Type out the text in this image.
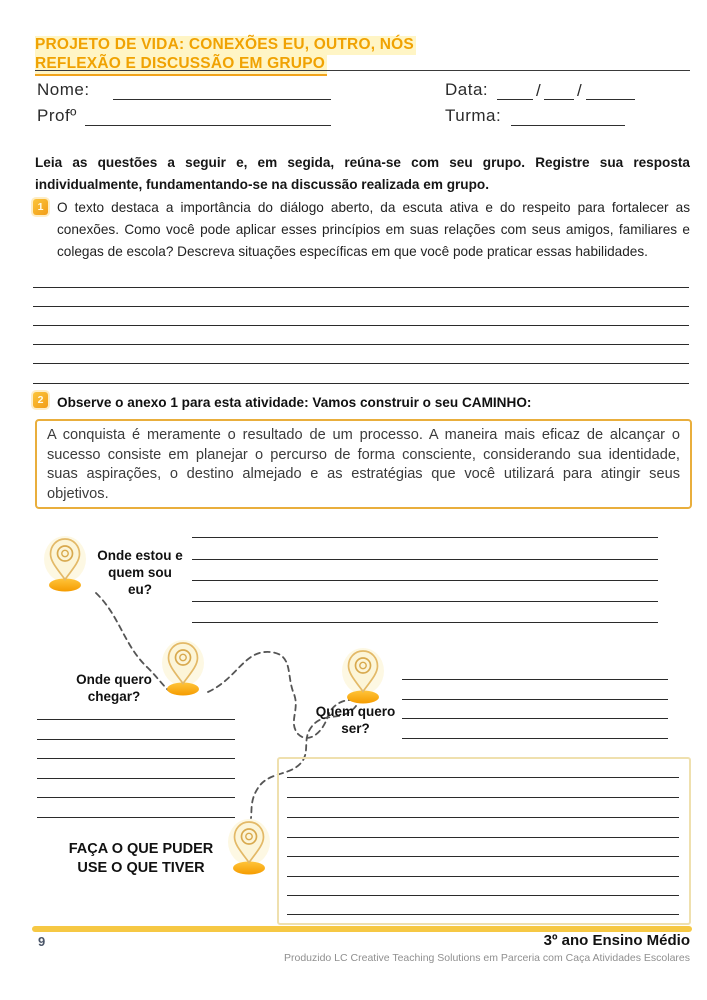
PROJETO DE VIDA: CONEXÕES EU, OUTRO, NÓS
REFLEXÃO E DISCUSSÃO EM GRUPO
Nome:
Profº
Data:	/ /
Turma:
Leia as questões a seguir e, em segida, reúna-se com seu grupo. Registre sua resposta individualmente, fundamentando-se na discussão realizada em grupo.
1 O texto destaca a importância do diálogo aberto, da escuta ativa e do respeito para fortalecer as conexões. Como você pode aplicar esses princípios em suas relações com seus amigos, familiares e colegas de escola? Descreva situações específicas em que você pode praticar essas habilidades.
2 Observe o anexo 1 para esta atividade: Vamos construir o seu CAMINHO:
A conquista é meramente o resultado de um processo. A maneira mais eficaz de alcançar o sucesso consiste em planejar o percurso de forma consciente, considerando sua identidade, suas aspirações, o destino almejado e as estratégias que você utilizará para atingir seus objetivos.
Onde estou e
quem sou
eu?
Onde quero
chegar?
Quem quero
ser?
FAÇA O QUE PUDER
USE O QUE TIVER
9	3º ano Ensino Médio
Produzido LC Creative Teaching Solutions em Parceria com Caça Atividades Escolares
